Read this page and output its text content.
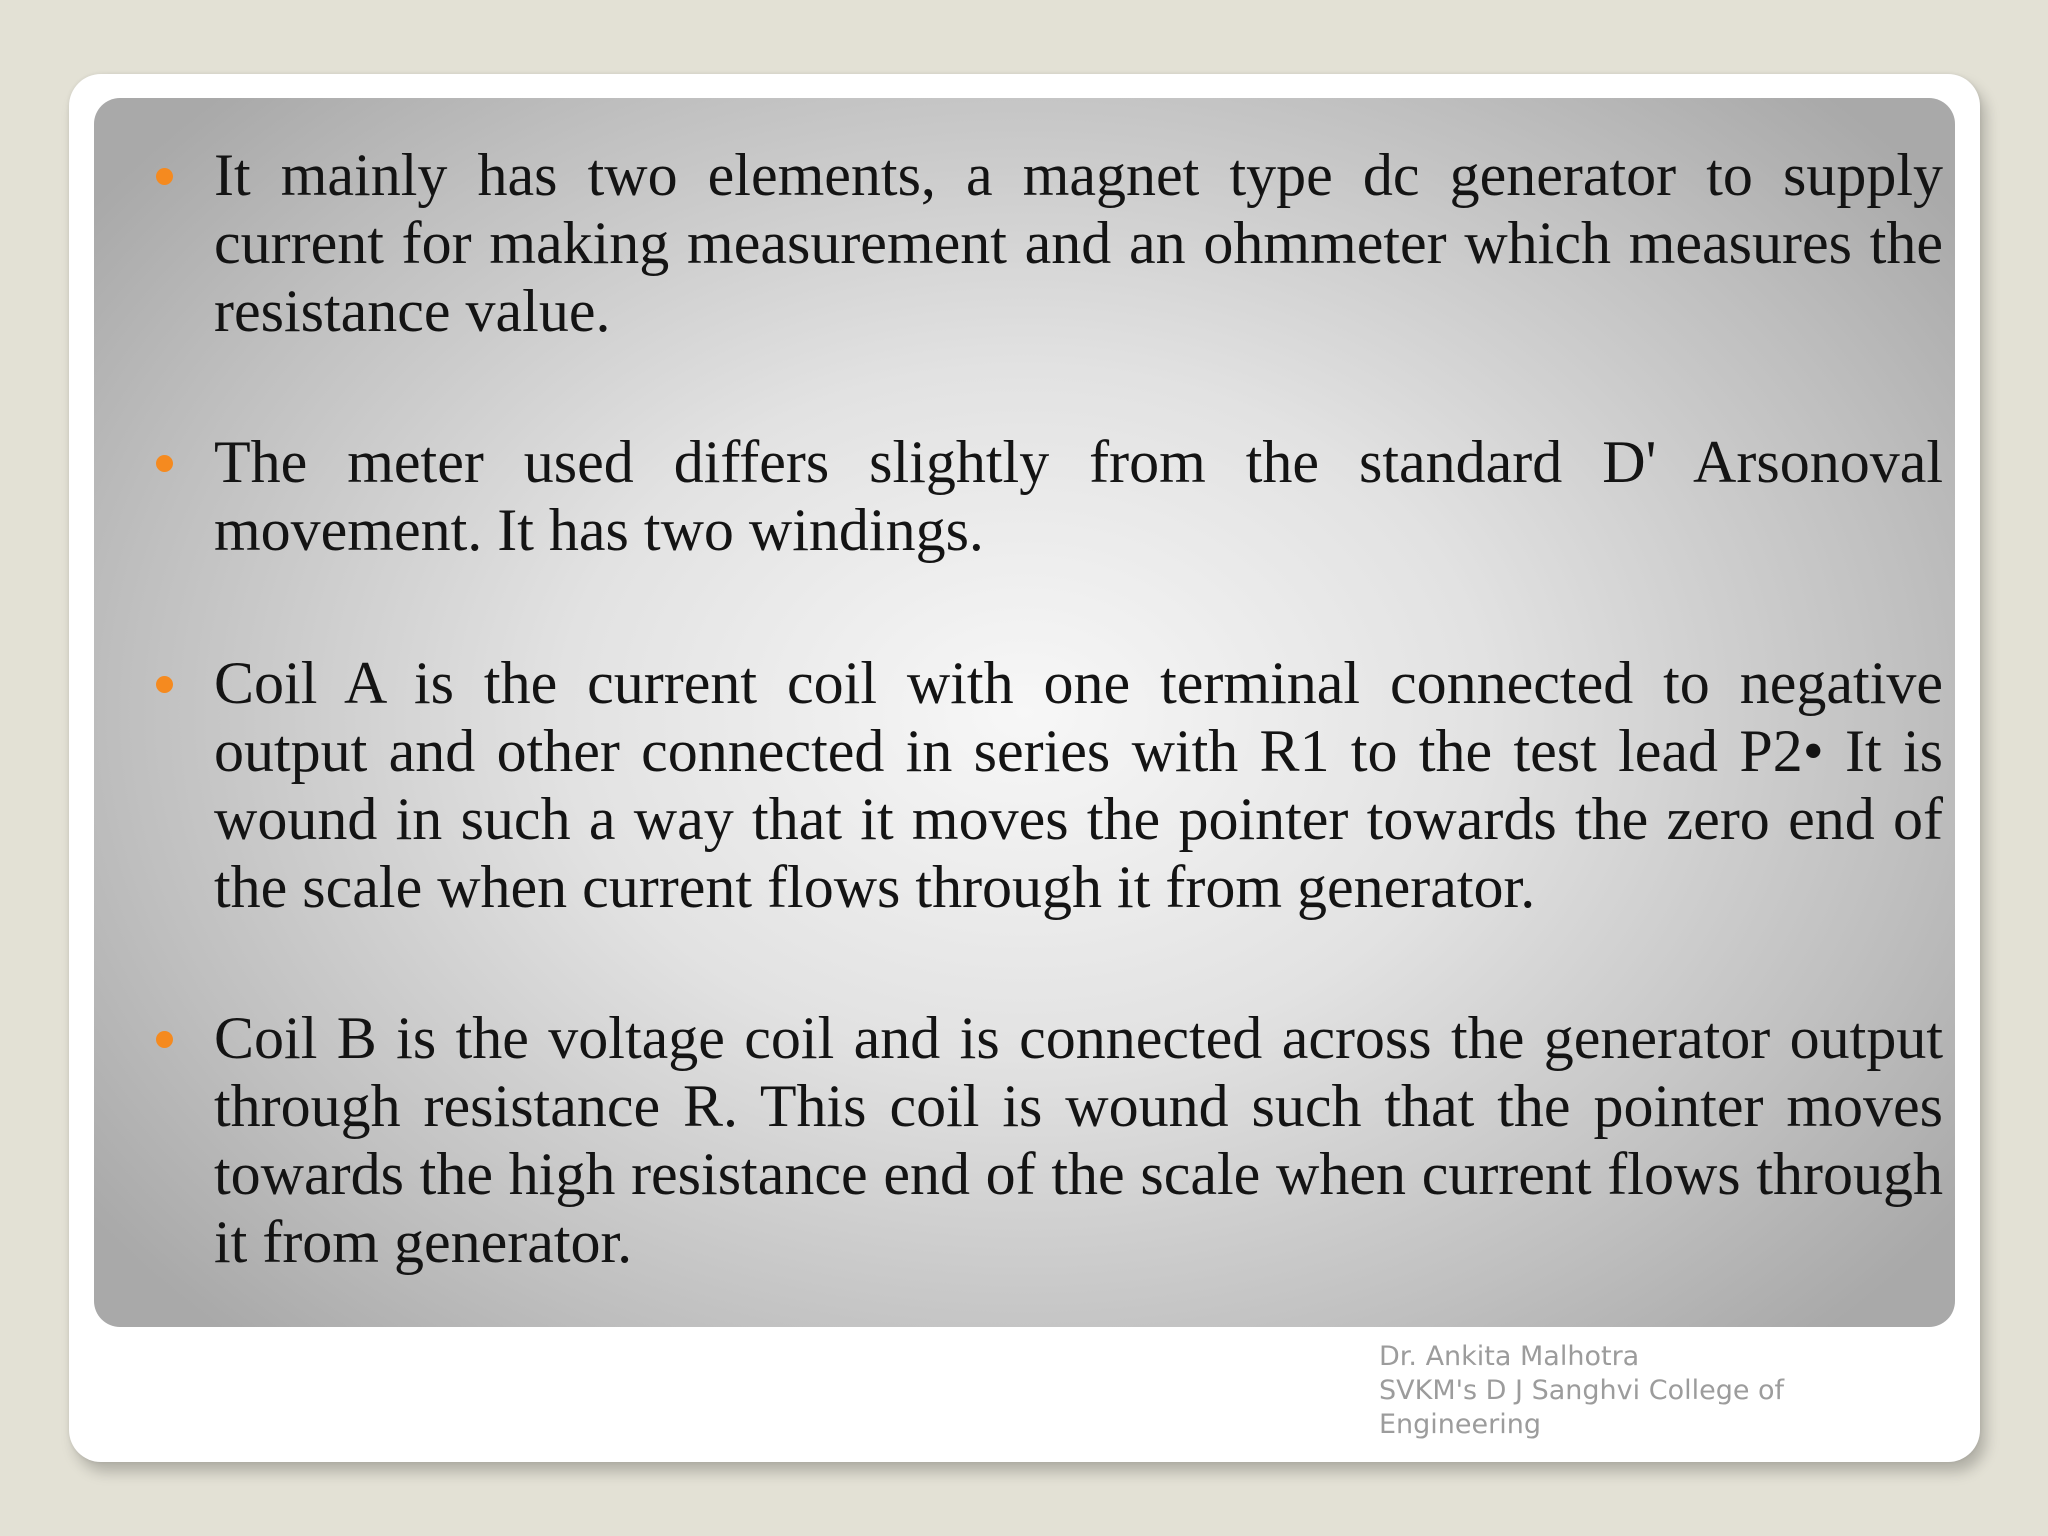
It mainly has two elements, a magnet type dc generator to supply current for making measurement and an ohmmeter which measures the resistance value.
The meter used differs slightly from the standard D' Arsonoval movement. It has two windings.
Coil A is the current coil with one terminal connected to negative output and other connected in series with R1 to the test lead P2• It is wound in such a way that it moves the pointer towards the zero end of the scale when current flows through it from generator.
Coil B is the voltage coil and is connected across the generator output through resistance R. This coil is wound such that the pointer moves towards the high resistance end of the scale when current flows through it from generator.
Dr. Ankita Malhotra
SVKM's D J Sanghvi College of
Engineering
